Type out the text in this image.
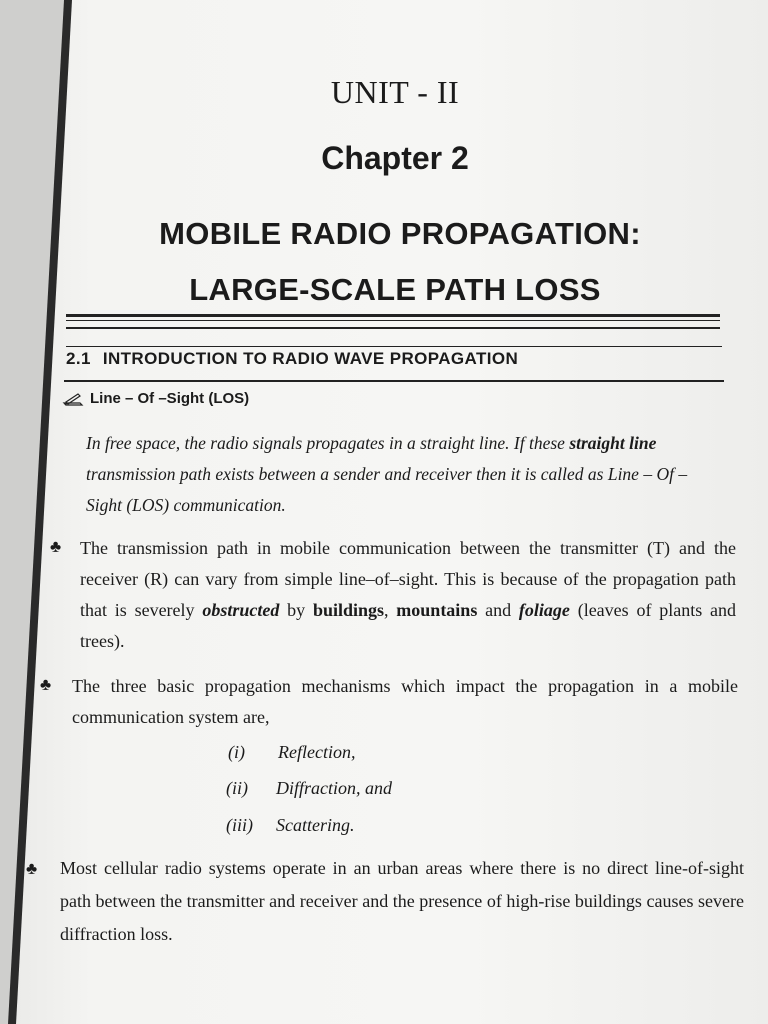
UNIT - II
Chapter 2
MOBILE RADIO PROPAGATION:
LARGE-SCALE PATH LOSS
2.1 INTRODUCTION TO RADIO WAVE PROPAGATION
Line – Of –Sight (LOS)
In free space, the radio signals propagates in a straight line. If these straight line transmission path exists between a sender and receiver then it is called as Line – Of – Sight (LOS) communication.
♣ The transmission path in mobile communication between the transmitter (T) and the receiver (R) can vary from simple line–of–sight. This is because of the propagation path that is severely obstructed by buildings, mountains and foliage (leaves of plants and trees).
♣ The three basic propagation mechanisms which impact the propagation in a mobile communication system are,
(i) Reflection,
(ii) Diffraction, and
(iii) Scattering.
♣ Most cellular radio systems operate in an urban areas where there is no direct line-of-sight path between the transmitter and receiver and the presence of high-rise buildings causes severe diffraction loss.
